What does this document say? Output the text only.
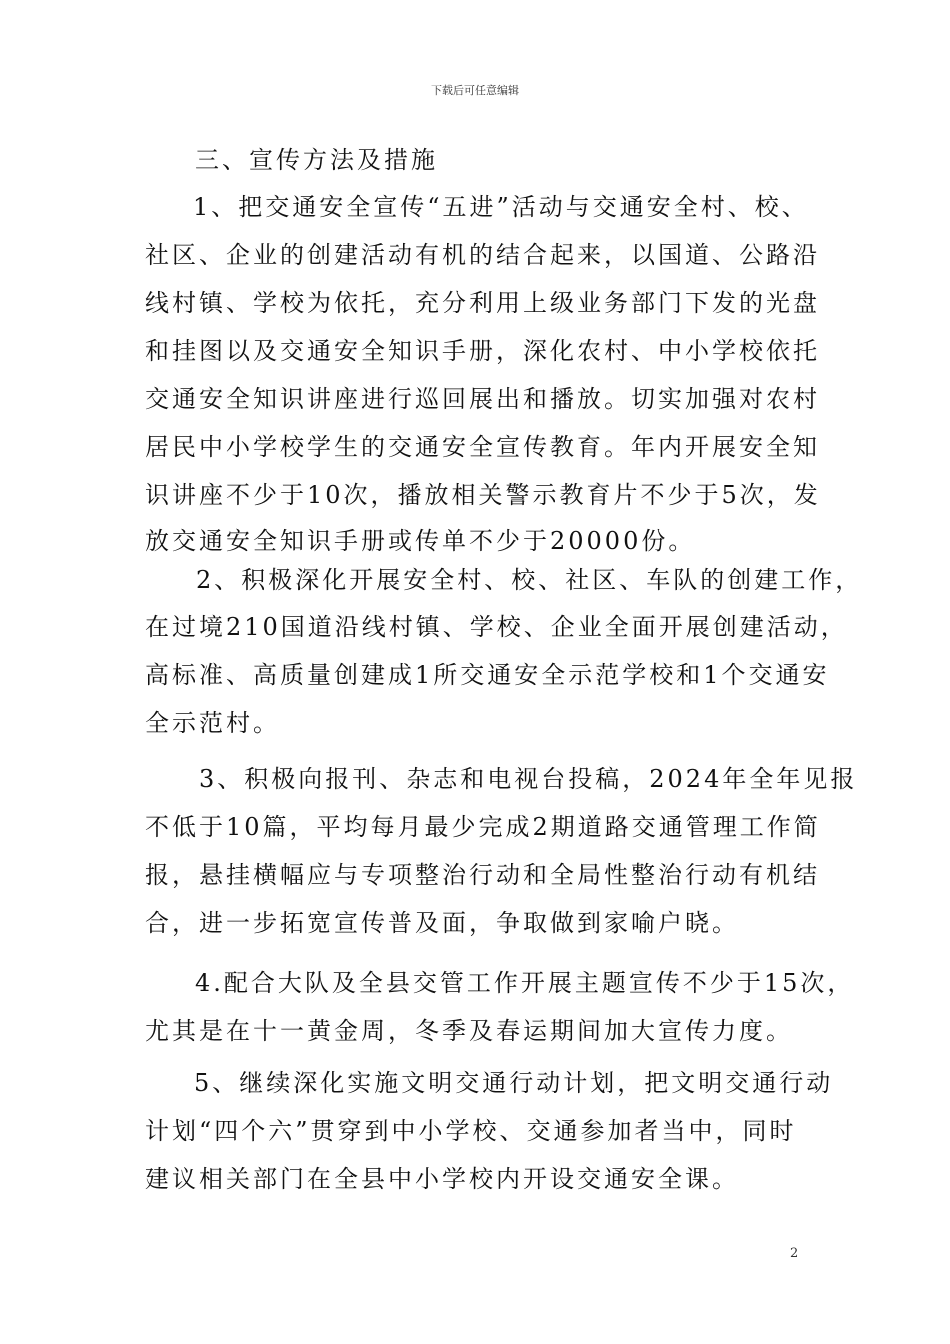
下载后可任意编辑
三、宣传方法及措施
1、把交通安全宣传“五进”活动与交通安全村、校、
社区、企业的创建活动有机的结合起来，以国道、公路沿
线村镇、学校为依托，充分利用上级业务部门下发的光盘
和挂图以及交通安全知识手册，深化农村、中小学校依托
交通安全知识讲座进行巡回展出和播放。切实加强对农村
居民中小学校学生的交通安全宣传教育。年内开展安全知
识讲座不少于10次，播放相关警示教育片不少于5次，发
放交通安全知识手册或传单不少于20000份。
2、积极深化开展安全村、校、社区、车队的创建工作，
在过境210国道沿线村镇、学校、企业全面开展创建活动，
高标准、高质量创建成1所交通安全示范学校和1个交通安
全示范村。
3、积极向报刊、杂志和电视台投稿，2024年全年见报
不低于10篇，平均每月最少完成2期道路交通管理工作简
报，悬挂横幅应与专项整治行动和全局性整治行动有机结
合，进一步拓宽宣传普及面，争取做到家喻户晓。
4.配合大队及全县交管工作开展主题宣传不少于15次，
尤其是在十一黄金周，冬季及春运期间加大宣传力度。
5、继续深化实施文明交通行动计划，把文明交通行动
计划“四个六”贯穿到中小学校、交通参加者当中，同时
建议相关部门在全县中小学校内开设交通安全课。
2
